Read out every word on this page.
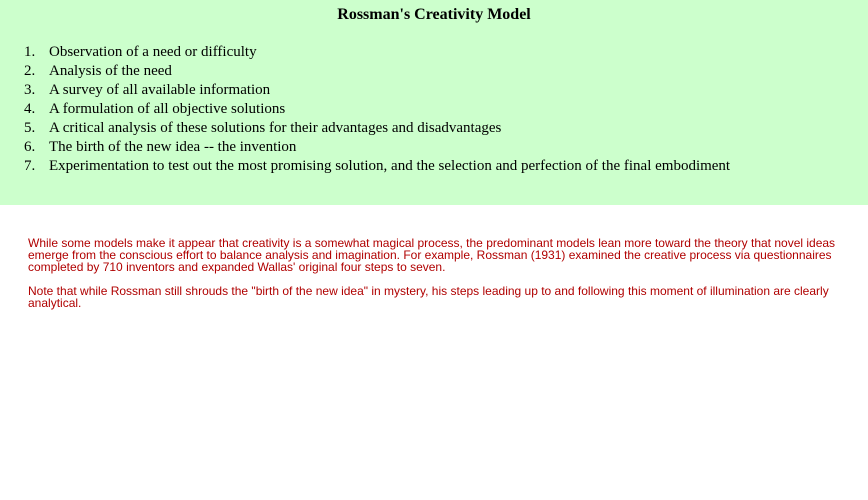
Rossman's Creativity Model
1. Observation of a need or difficulty
2. Analysis of the need
3. A survey of all available information
4. A formulation of all objective solutions
5. A critical analysis of these solutions for their advantages and disadvantages
6. The birth of the new idea -- the invention
7. Experimentation to test out the most promising solution, and the selection and perfection of the final embodiment

While some models make it appear that creativity is a somewhat magical process, the predominant models lean more toward the theory that novel ideas emerge from the conscious effort to balance analysis and imagination. For example, Rossman (1931) examined the creative process via questionnaires completed by 710 inventors and expanded Wallas' original four steps to seven.

Note that while Rossman still shrouds the "birth of the new idea" in mystery, his steps leading up to and following this moment of illumination are clearly analytical.
